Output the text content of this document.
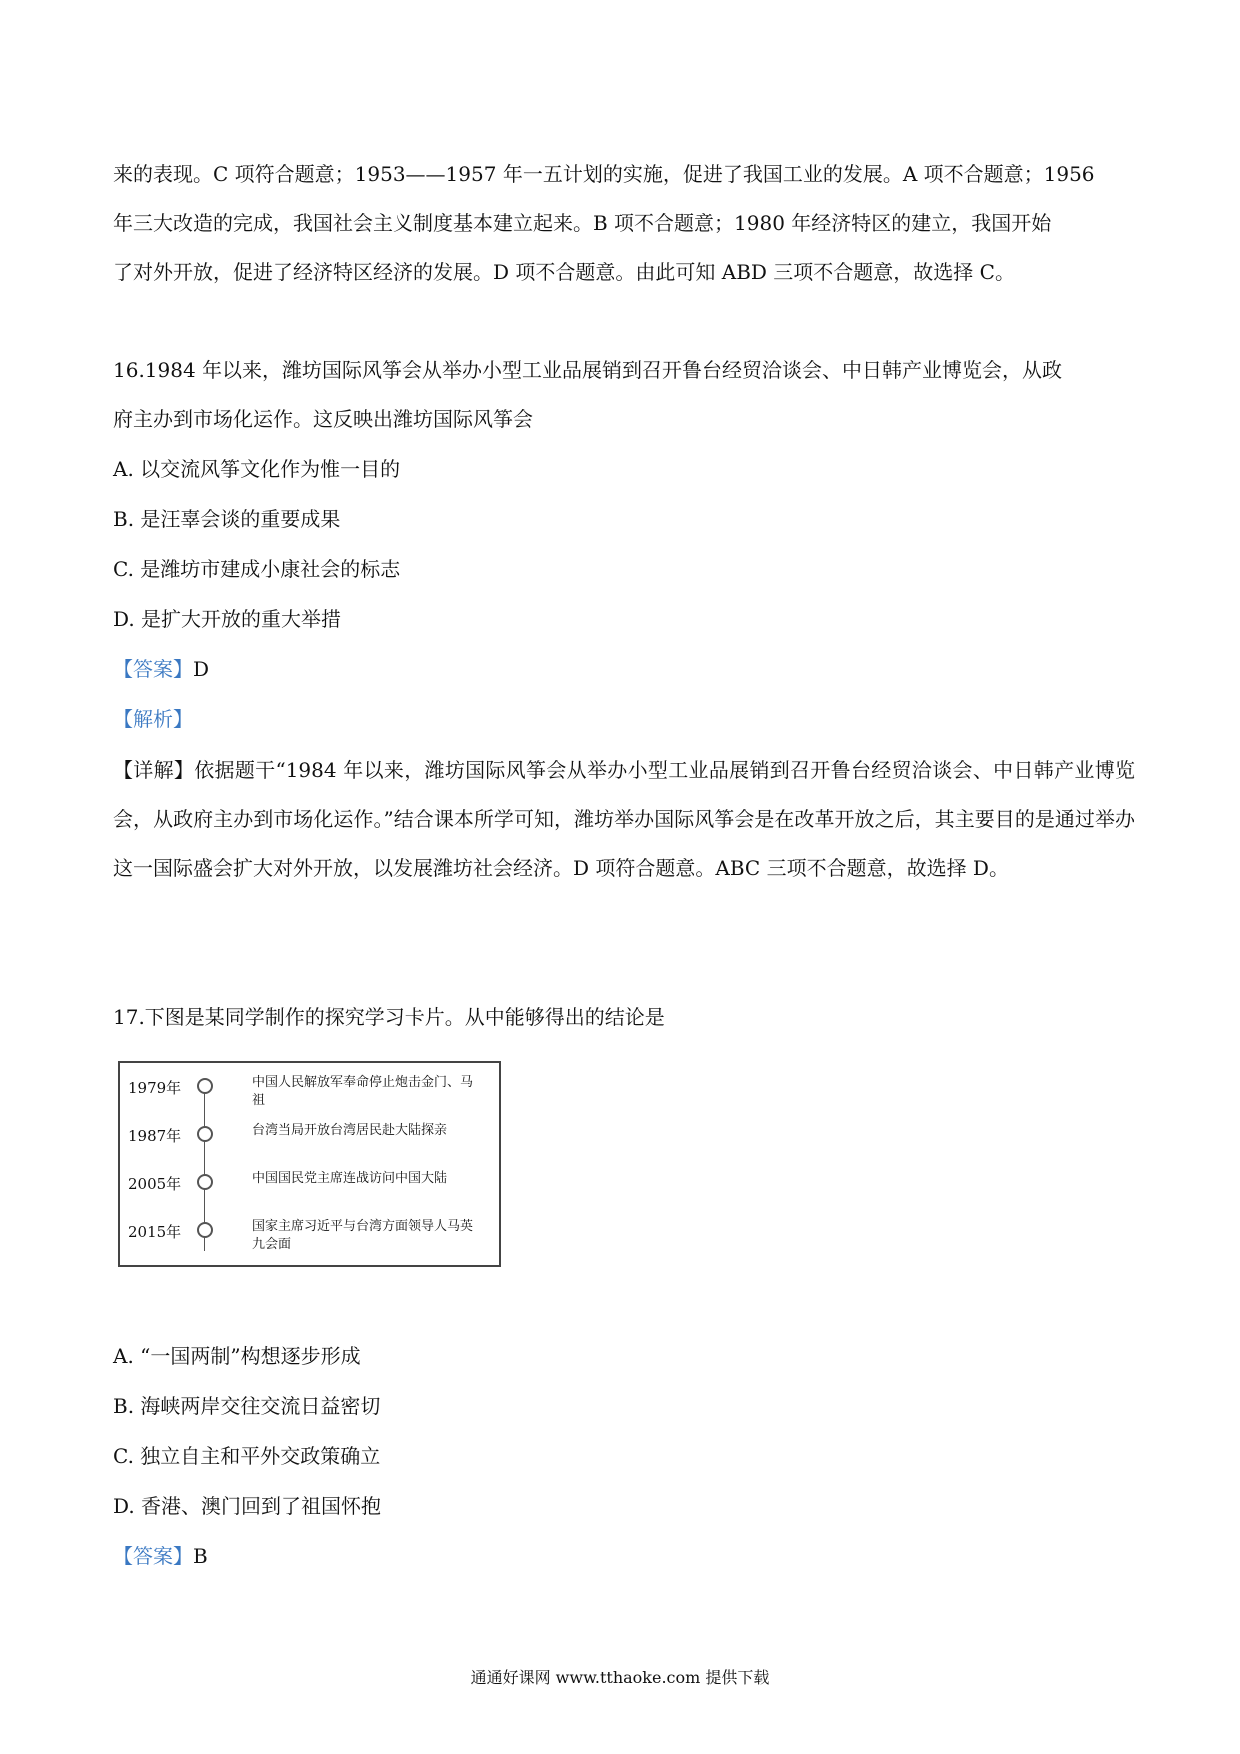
来的表现。C 项符合题意；1953——1957 年一五计划的实施，促进了我国工业的发展。A 项不合题意；1956
年三大改造的完成，我国社会主义制度基本建立起来。B 项不合题意；1980 年经济特区的建立，我国开始
了对外开放，促进了经济特区经济的发展。D 项不合题意。由此可知 ABD 三项不合题意，故选择 C。
16.1984 年以来，潍坊国际风筝会从举办小型工业品展销到召开鲁台经贸洽谈会、中日韩产业博览会，从政
府主办到市场化运作。这反映出潍坊国际风筝会
A. 以交流风筝文化作为惟一目的
B. 是汪辜会谈的重要成果
C. 是潍坊市建成小康社会的标志
D. 是扩大开放的重大举措
【答案】D
【解析】
【详解】依据题干“1984 年以来，潍坊国际风筝会从举办小型工业品展销到召开鲁台经贸洽谈会、中日韩产业博览会，从政府主办到市场化运作。”结合课本所学可知，潍坊举办国际风筝会是在改革开放之后，其主要目的是通过举办这一国际盛会扩大对外开放，以发展潍坊社会经济。D 项符合题意。ABC 三项不合题意，故选择 D。
17.下图是某同学制作的探究学习卡片。从中能够得出的结论是
1979年	中国人民解放军奉命停止炮击金门、马祖
1987年	台湾当局开放台湾居民赴大陆探亲
2005年	中国国民党主席连战访问中国大陆
2015年	国家主席习近平与台湾方面领导人马英九会面
A. “一国两制”构想逐步形成
B. 海峡两岸交往交流日益密切
C. 独立自主和平外交政策确立
D. 香港、澳门回到了祖国怀抱
【答案】B
通通好课网 www.tthaoke.com 提供下载
